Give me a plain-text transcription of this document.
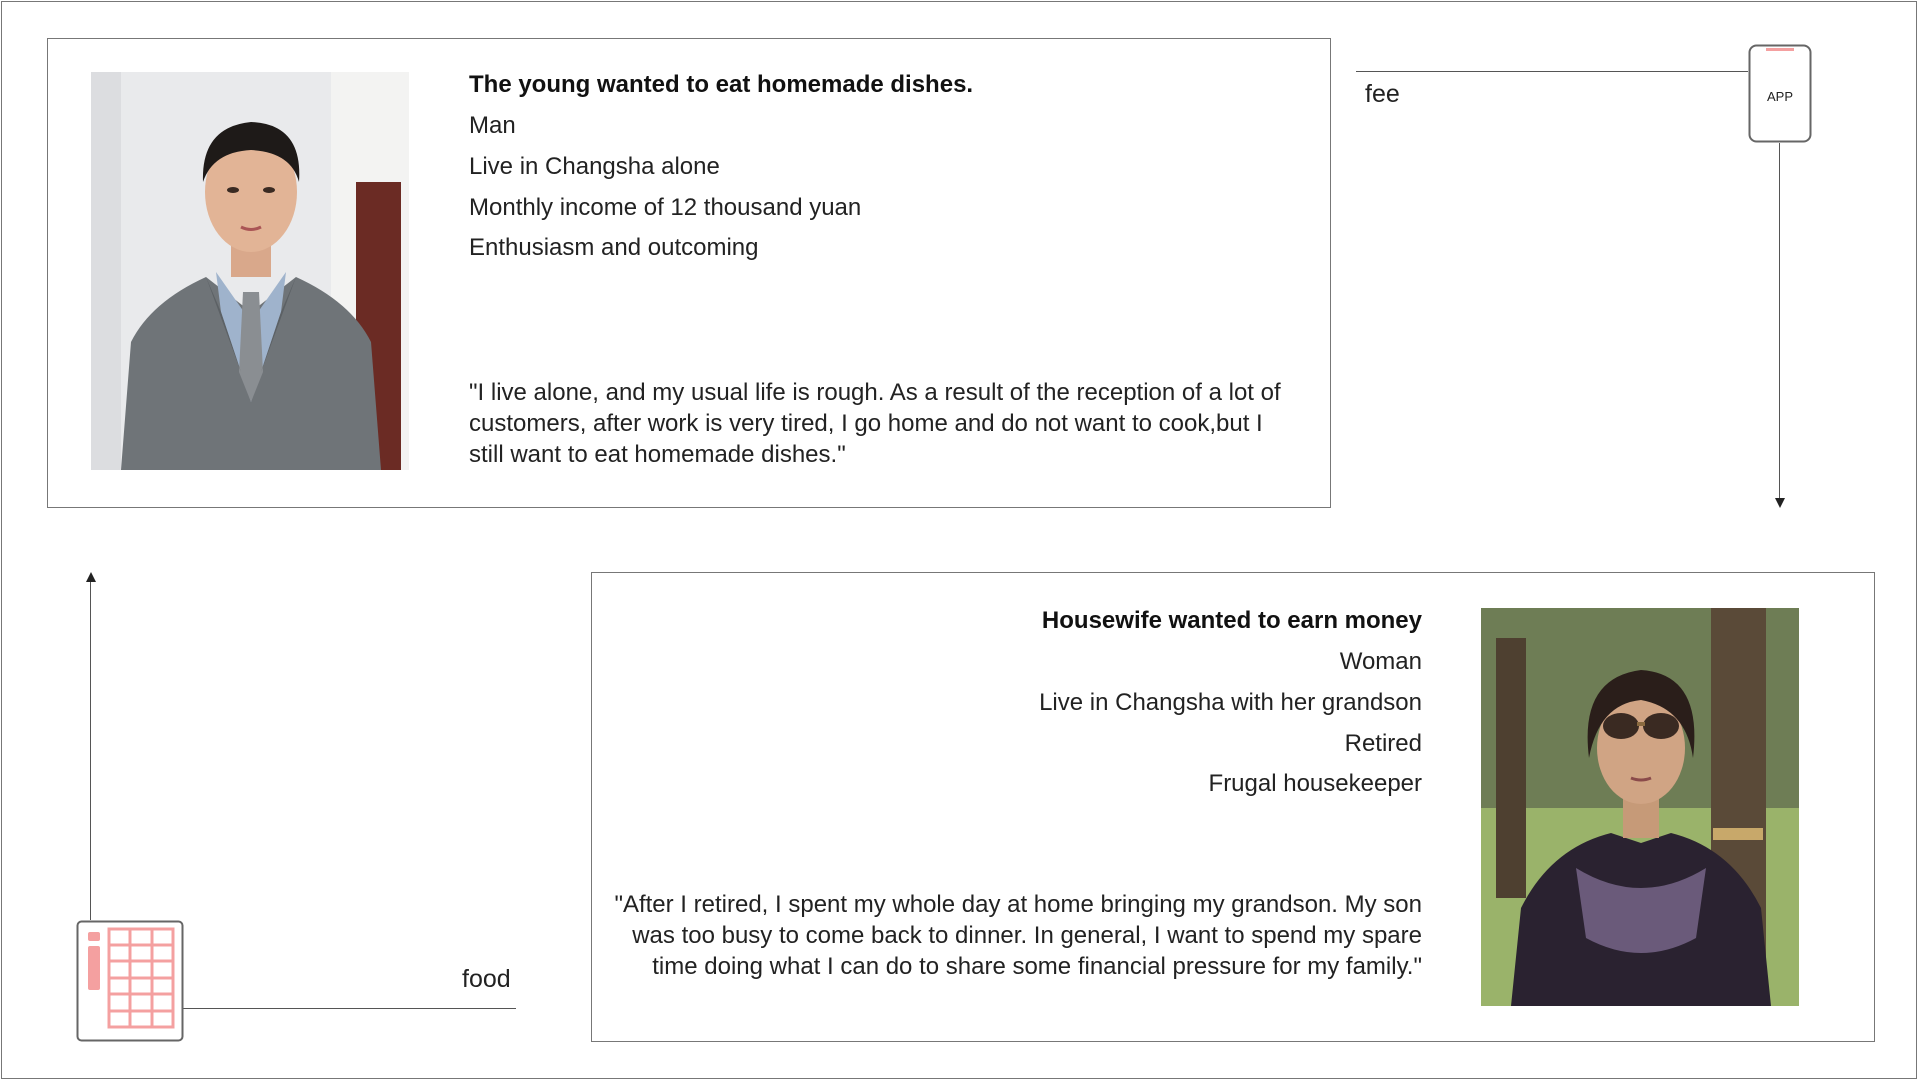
The young wanted to eat homemade dishes.
Man
Live in Changsha alone
Monthly income of 12 thousand yuan
Enthusiasm and outcoming
"I live alone, and my usual life is rough. As a result of the reception of a lot of customers, after work is very tired, I go home and do not want to cook,but I still want to eat homemade dishes."
Housewife wanted to earn money
Woman
Live in Changsha with her grandson
Retired
Frugal housekeeper
"After I retired, I spent my whole day at home bringing my grandson. My son was too busy to come back to dinner. In general, I want to spend my spare time doing what I can do to share some financial pressure for my family."
fee	APP
food
